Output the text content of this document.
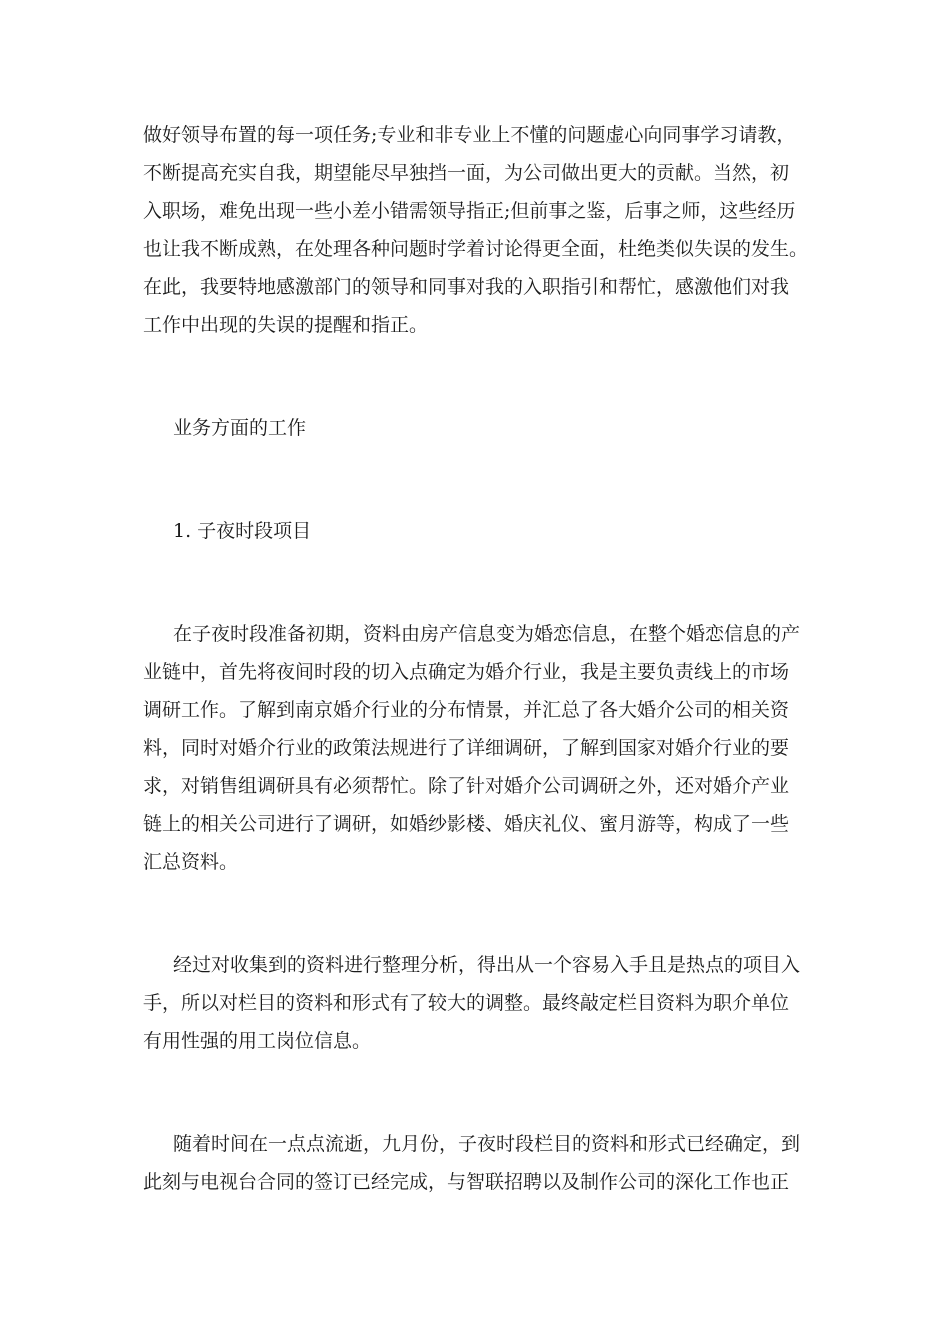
做好领导布置的每一项任务;专业和非专业上不懂的问题虚心向同事学习请教，
不断提高充实自我，期望能尽早独挡一面，为公司做出更大的贡献。当然，初
入职场，难免出现一些小差小错需领导指正;但前事之鉴，后事之师，这些经历
也让我不断成熟，在处理各种问题时学着讨论得更全面，杜绝类似失误的发生。
在此，我要特地感激部门的领导和同事对我的入职指引和帮忙，感激他们对我
工作中出现的失误的提醒和指正。
业务方面的工作
1. 子夜时段项目
在子夜时段准备初期，资料由房产信息变为婚恋信息，在整个婚恋信息的产
业链中，首先将夜间时段的切入点确定为婚介行业，我是主要负责线上的市场
调研工作。了解到南京婚介行业的分布情景，并汇总了各大婚介公司的相关资
料，同时对婚介行业的政策法规进行了详细调研，了解到国家对婚介行业的要
求，对销售组调研具有必须帮忙。除了针对婚介公司调研之外，还对婚介产业
链上的相关公司进行了调研，如婚纱影楼、婚庆礼仪、蜜月游等，构成了一些
汇总资料。
经过对收集到的资料进行整理分析，得出从一个容易入手且是热点的项目入
手，所以对栏目的资料和形式有了较大的调整。最终敲定栏目资料为职介单位
有用性强的用工岗位信息。
随着时间在一点点流逝，九月份，子夜时段栏目的资料和形式已经确定，到
此刻与电视台合同的签订已经完成，与智联招聘以及制作公司的深化工作也正
